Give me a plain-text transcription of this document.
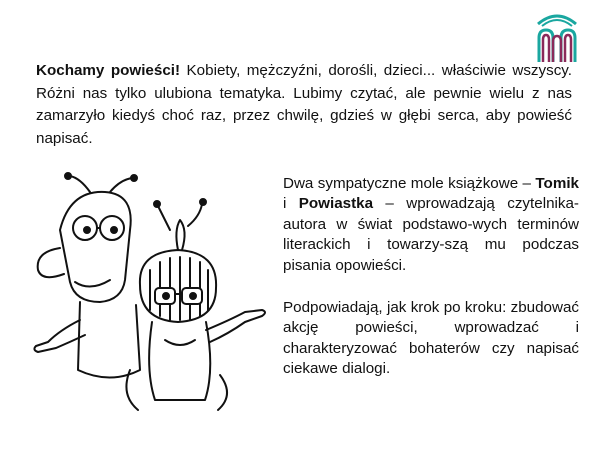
Kochamy powieści! Kobiety, mężczyźni, dorośli, dzieci... właściwie wszyscy. Różni nas tylko ulubiona tematyka. Lubimy czytać, ale pewnie wielu z nas zamarzyło kiedyś choć raz, przez chwilę, gdzieś w głębi serca, aby powieść napisać.

Dwa sympatyczne mole książkowe – Tomik i Powiastka – wprowadzają czytelnika-autora w świat podstawo-wych terminów literackich i towarzy-szą mu podczas pisania opowieści.

Podpowiadają, jak krok po kroku: zbudować akcję powieści, wprowadzać i charakteryzować bohaterów czy napisać ciekawe dialogi.
